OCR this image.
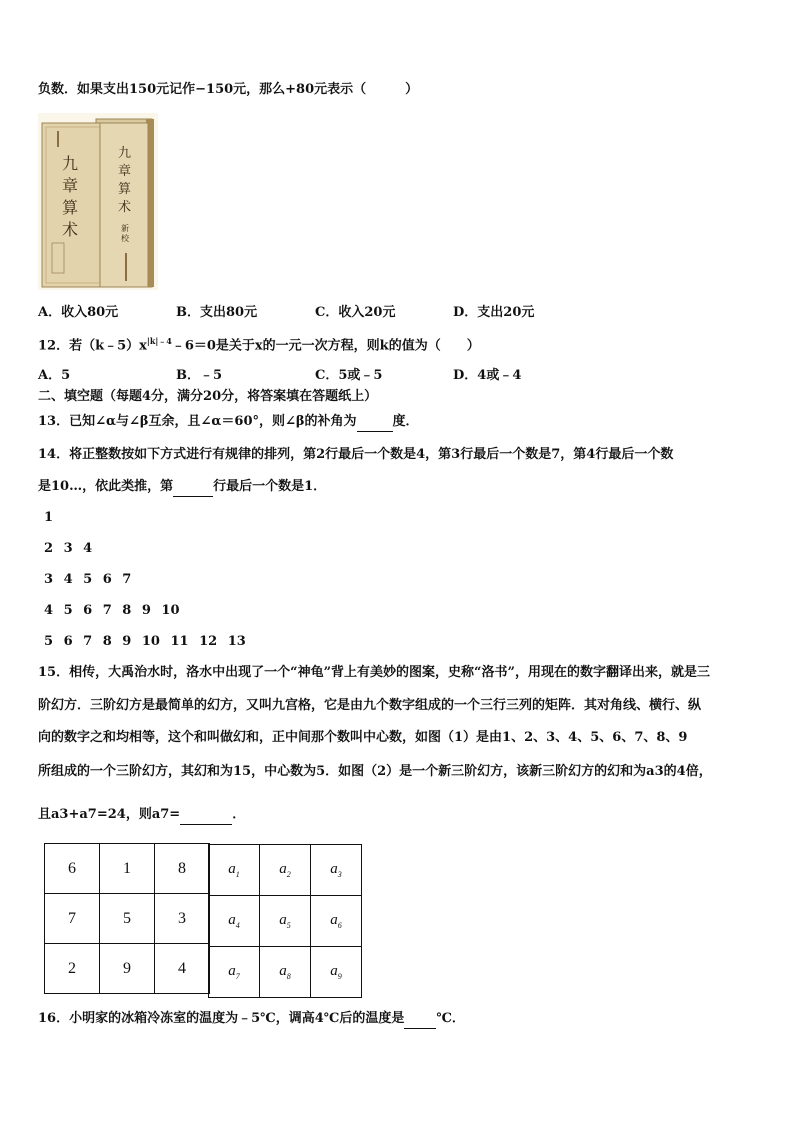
负数．如果支出150元记作−150元，那么+80元表示（　　　）
九
章
算
术
九
章
算
术
新
校
A．收入80元	B．支出80元	C．收入20元	D．支出20元
12．若$(k﹣5)x^{|k|﹣4}﹣6=0$是关于x的一元一次方程，则k的值为（　　）
A．5	B．﹣5	C．5或﹣5	D．4或﹣4
二、填空题（每题4分，满分20分，将答案填在答题纸上）
13．已知∠α与∠β互余，且∠α＝60°，则∠β的补角为	度．
14．将正整数按如下方式进行有规律的排列，第2行最后一个数是4，第3行最后一个数是7，第4行最后一个数
是10…，依此类推，第	行最后一个数是1．
1
2 3 4
3 4 5 6 7
4 5 6 7 8 9 10
5 6 7 8 9 10 11 12 13
15．相传，大禹治水时，洛水中出现了一个“神龟”背上有美妙的图案，史称“洛书”，用现在的数字翻译出来，就是三
阶幻方．三阶幻方是最简单的幻方，又叫九宫格，它是由九个数字组成的一个三行三列的矩阵．其对角线、横行、纵
向的数字之和均相等，这个和叫做幻和，正中间那个数叫中心数，如图（1）是由1、2、3、4、5、6、7、8、9
所组成的一个三阶幻方，其幻和为15，中心数为5．如图（2）是一个新三阶幻方，该新三阶幻方的幻和为a3的4倍，
且a3+a7=24，则a7=	．
6	1	8
7	5	3
2	9	4
$a_1$	$a_2$	$a_3$
$a_4$	$a_5$	$a_6$
$a_7$	$a_8$	$a_9$
16．小明家的冰箱冷冻室的温度为﹣5℃，调高4℃后的温度是 ℃．
